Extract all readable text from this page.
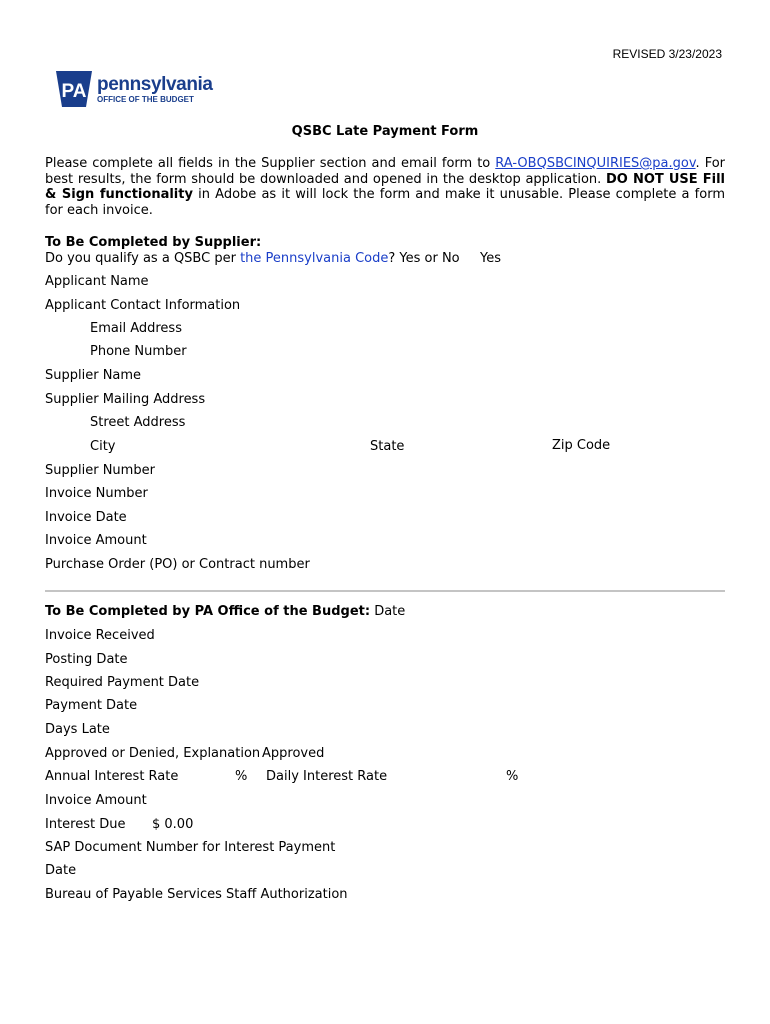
REVISED 3/23/2023
PA pennsylvania
OFFICE OF THE BUDGET
QSBC Late Payment Form
Please complete all fields in the Supplier section and email form to RA-OBQSBCINQUIRIES@pa.gov. For best results, the form should be downloaded and opened in the desktop application. DO NOT USE Fill & Sign functionality in Adobe as it will lock the form and make it unusable. Please complete a form for each invoice.
To Be Completed by Supplier:
Do you qualify as a QSBC per the Pennsylvania Code? Yes or No Yes
Applicant Name
Applicant Contact Information
Email Address
Phone Number
Supplier Name
Supplier Mailing Address
Street Address
City	State	Zip Code
Supplier Number
Invoice Number
Invoice Date
Invoice Amount
Purchase Order (PO) or Contract number
To Be Completed by PA Office of the Budget: Date
Invoice Received
Posting Date
Required Payment Date
Payment Date
Days Late
Approved or Denied, Explanation Approved
Annual Interest Rate	% Daily Interest Rate	%
Invoice Amount
Interest Due $ 0.00
SAP Document Number for Interest Payment
Date
Bureau of Payable Services Staff Authorization
